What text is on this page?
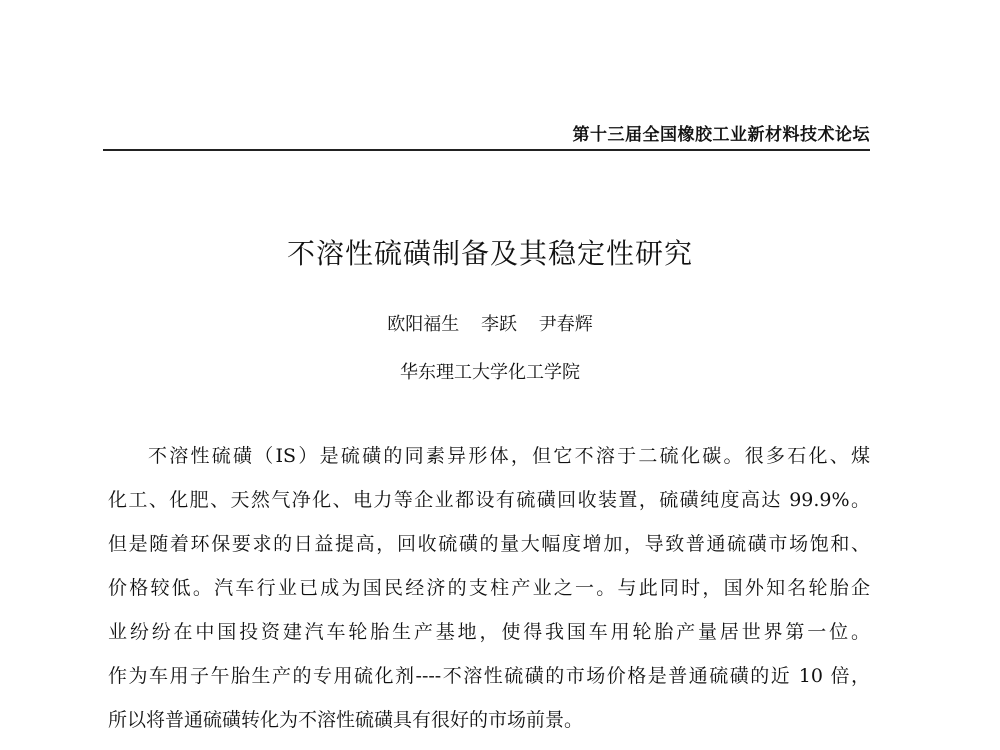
第十三届全国橡胶工业新材料技术论坛
不溶性硫磺制备及其稳定性研究
欧阳福生 李跃 尹春辉
华东理工大学化工学院
不溶性硫磺（IS）是硫磺的同素异形体，但它不溶于二硫化碳。很多石化、煤
化工、化肥、天然气净化、电力等企业都设有硫磺回收装置，硫磺纯度高达 99.9%。
但是随着环保要求的日益提高，回收硫磺的量大幅度增加，导致普通硫磺市场饱和、
价格较低。汽车行业已成为国民经济的支柱产业之一。与此同时，国外知名轮胎企
业纷纷在中国投资建汽车轮胎生产基地，使得我国车用轮胎产量居世界第一位。
作为车用子午胎生产的专用硫化剂----不溶性硫磺的市场价格是普通硫磺的近 10 倍，
所以将普通硫磺转化为不溶性硫磺具有很好的市场前景。
